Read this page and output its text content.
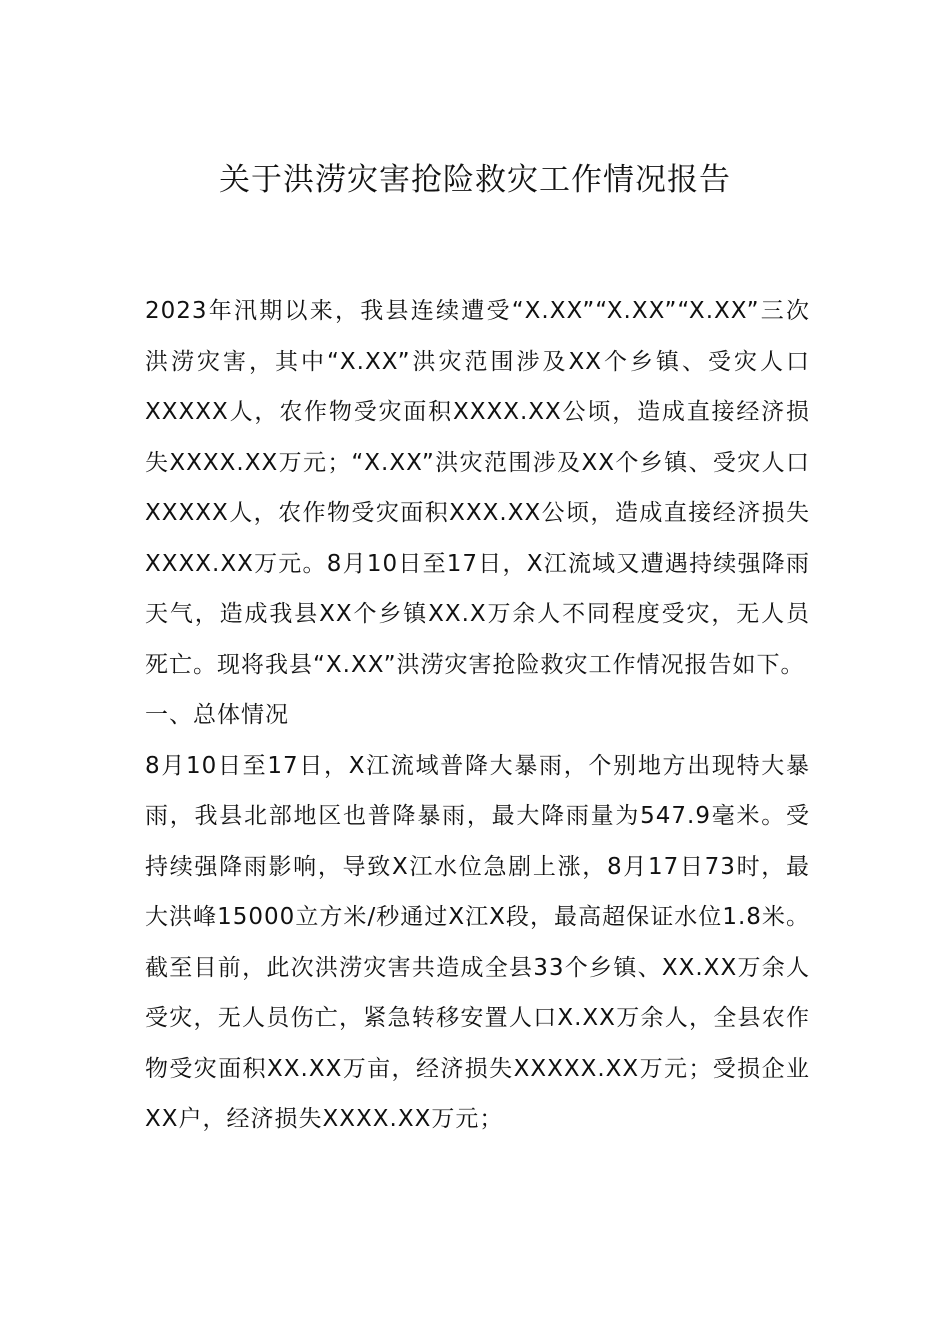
关于洪涝灾害抢险救灾工作情况报告

2023年汛期以来，我县连续遭受“X.XX”“X.XX”“X.XX”三次洪涝灾害，其中“X.XX”洪灾范围涉及XX个乡镇、受灾人口XXXXX人，农作物受灾面积XXXX.XX公顷，造成直接经济损失XXXX.XX万元；“X.XX”洪灾范围涉及XX个乡镇、受灾人口XXXXX人，农作物受灾面积XXX.XX公顷，造成直接经济损失XXXX.XX万元。8月10日至17日，X江流域又遭遇持续强降雨天气，造成我县XX个乡镇XX.X万余人不同程度受灾，无人员死亡。现将我县“X.XX”洪涝灾害抢险救灾工作情况报告如下。

一、总体情况

8月10日至17日，X江流域普降大暴雨，个别地方出现特大暴雨，我县北部地区也普降暴雨，最大降雨量为547.9毫米。受持续强降雨影响，导致X江水位急剧上涨，8月17日73时，最大洪峰15000立方米/秒通过X江X段，最高超保证水位1.8米。截至目前，此次洪涝灾害共造成全县33个乡镇、XX.XX万余人受灾，无人员伤亡，紧急转移安置人口X.XX万余人，全县农作物受灾面积XX.XX万亩，经济损失XXXXX.XX万元；受损企业XX户，经济损失XXXX.XX万元；
